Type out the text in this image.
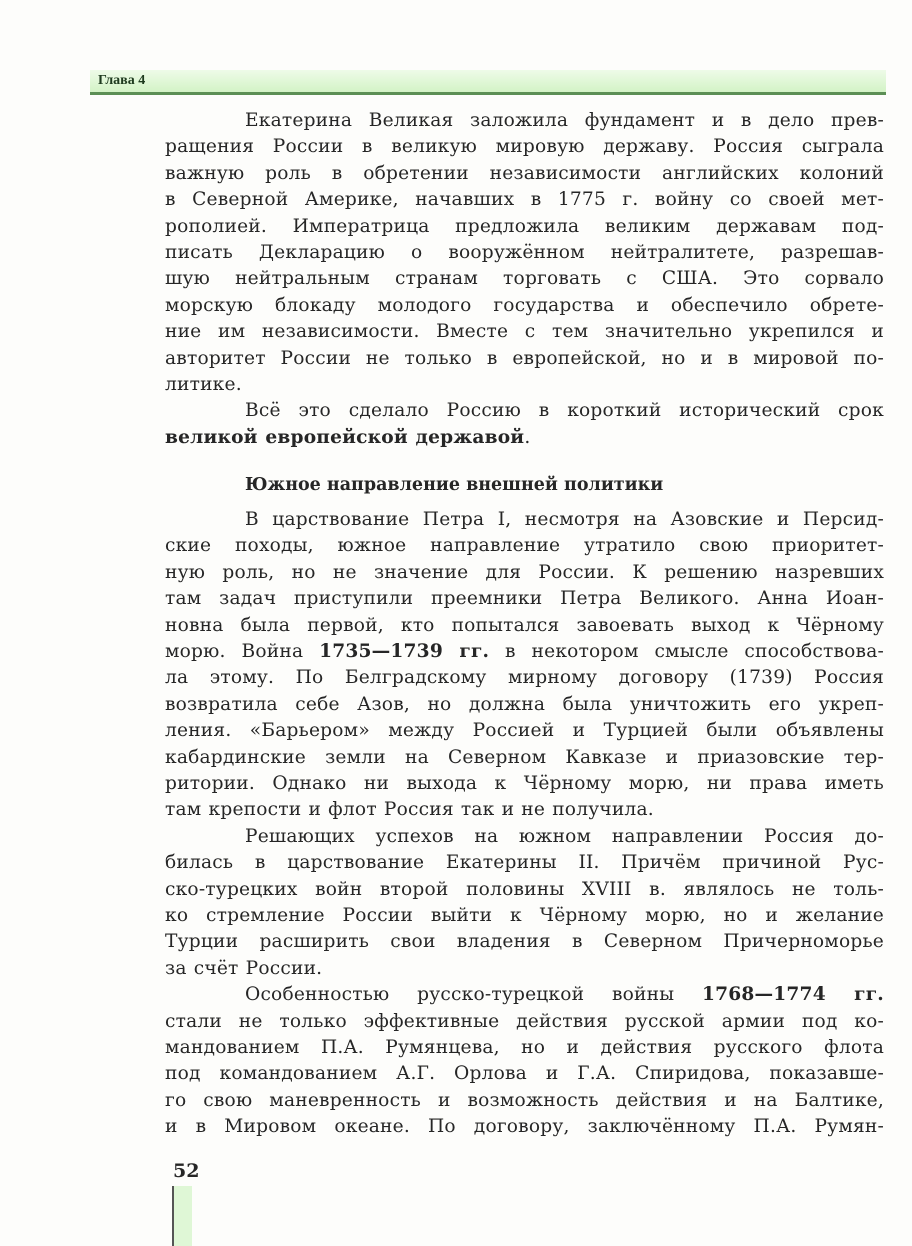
Глава 4
Екатерина Великая заложила фундамент и в дело прев-
ращения России в великую мировую державу. Россия сыграла
важную роль в обретении независимости английских колоний
в Северной Америке, начавших в 1775 г. войну со своей мет-
рополией. Императрица предложила великим державам под-
писать Декларацию о вооружённом нейтралитете, разрешав-
шую нейтральным странам торговать с США. Это сорвало
морскую блокаду молодого государства и обеспечило обрете-
ние им независимости. Вместе с тем значительно укрепился и
авторитет России не только в европейской, но и в мировой по-
литике.
Всё это сделало Россию в короткий исторический срок
великой европейской державой.
Южное направление внешней политики
В царствование Петра I, несмотря на Азовские и Персид-
ские походы, южное направление утратило свою приоритет-
ную роль, но не значение для России. К решению назревших
там задач приступили преемники Петра Великого. Анна Иоан-
новна была первой, кто попытался завоевать выход к Чёрному
морю. Война 1735—1739 гг. в некотором смысле способствова-
ла этому. По Белградскому мирному договору (1739) Россия
возвратила себе Азов, но должна была уничтожить его укреп-
ления. «Барьером» между Россией и Турцией были объявлены
кабардинские земли на Северном Кавказе и приазовские тер-
ритории. Однако ни выхода к Чёрному морю, ни права иметь
там крепости и флот Россия так и не получила.
Решающих успехов на южном направлении Россия до-
билась в царствование Екатерины II. Причём причиной Рус-
ско-турецких войн второй половины XVIII в. являлось не толь-
ко стремление России выйти к Чёрному морю, но и желание
Турции расширить свои владения в Северном Причерноморье
за счёт России.
Особенностью русско-турецкой войны 1768—1774 гг.
стали не только эффективные действия русской армии под ко-
мандованием П.А. Румянцева, но и действия русского флота
под командованием А.Г. Орлова и Г.А. Спиридова, показавше-
го свою маневренность и возможность действия и на Балтике,
и в Мировом океане. По договору, заключённому П.А. Румян-
52
